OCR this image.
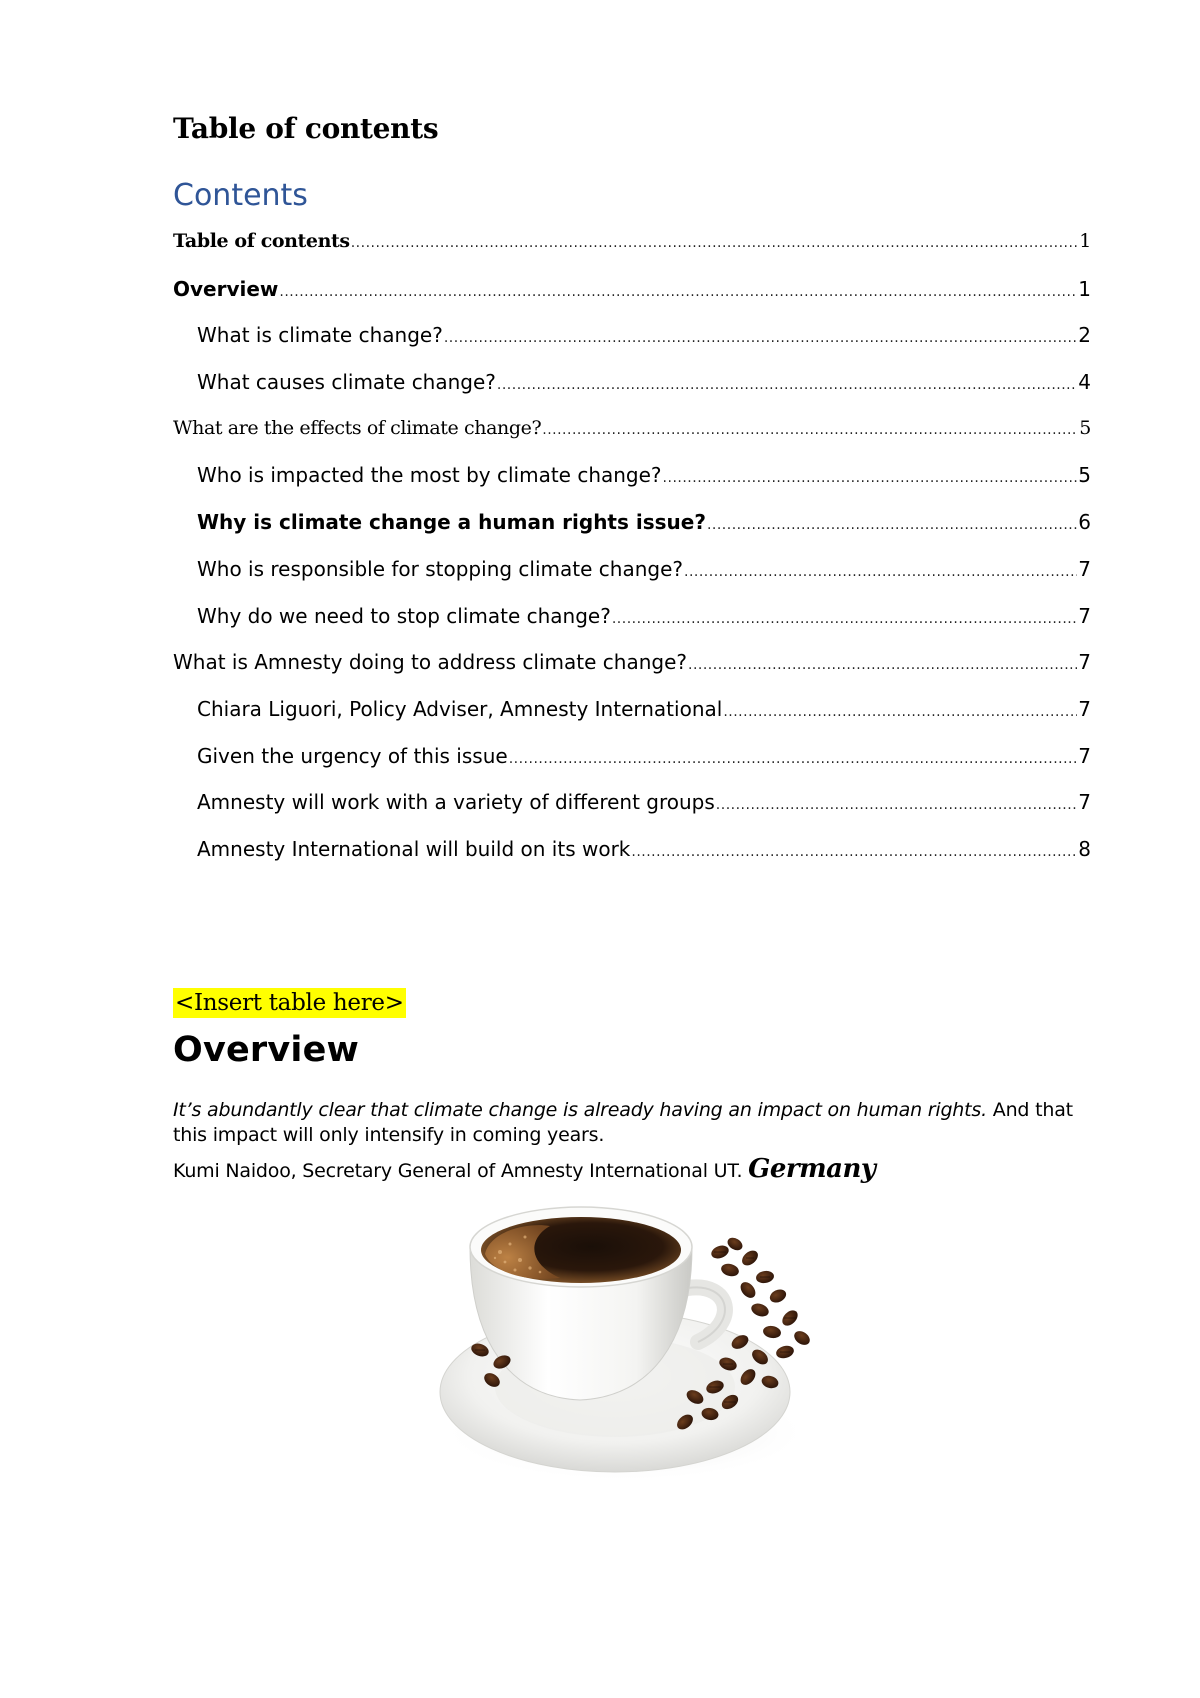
Table of contents
Contents
Table of contents .....	1
Overview .....	1
What is climate change? .....	2
What causes climate change? .....	4
What are the effects of climate change? .....	5
Who is impacted the most by climate change? .....	5
Why is climate change a human rights issue? .....	6
Who is responsible for stopping climate change? .....	7
Why do we need to stop climate change? .....	7
What is Amnesty doing to address climate change? .....	7
Chiara Liguori, Policy Adviser, Amnesty International .....	7
Given the urgency of this issue .....	7
Amnesty will work with a variety of different groups .....	7
Amnesty International will build on its work .....	8

<Insert table here>

Overview

It’s abundantly clear that climate change is already having an impact on human rights. And that this impact will only intensify in coming years.

Kumi Naidoo, Secretary General of Amnesty International UT. Germany
